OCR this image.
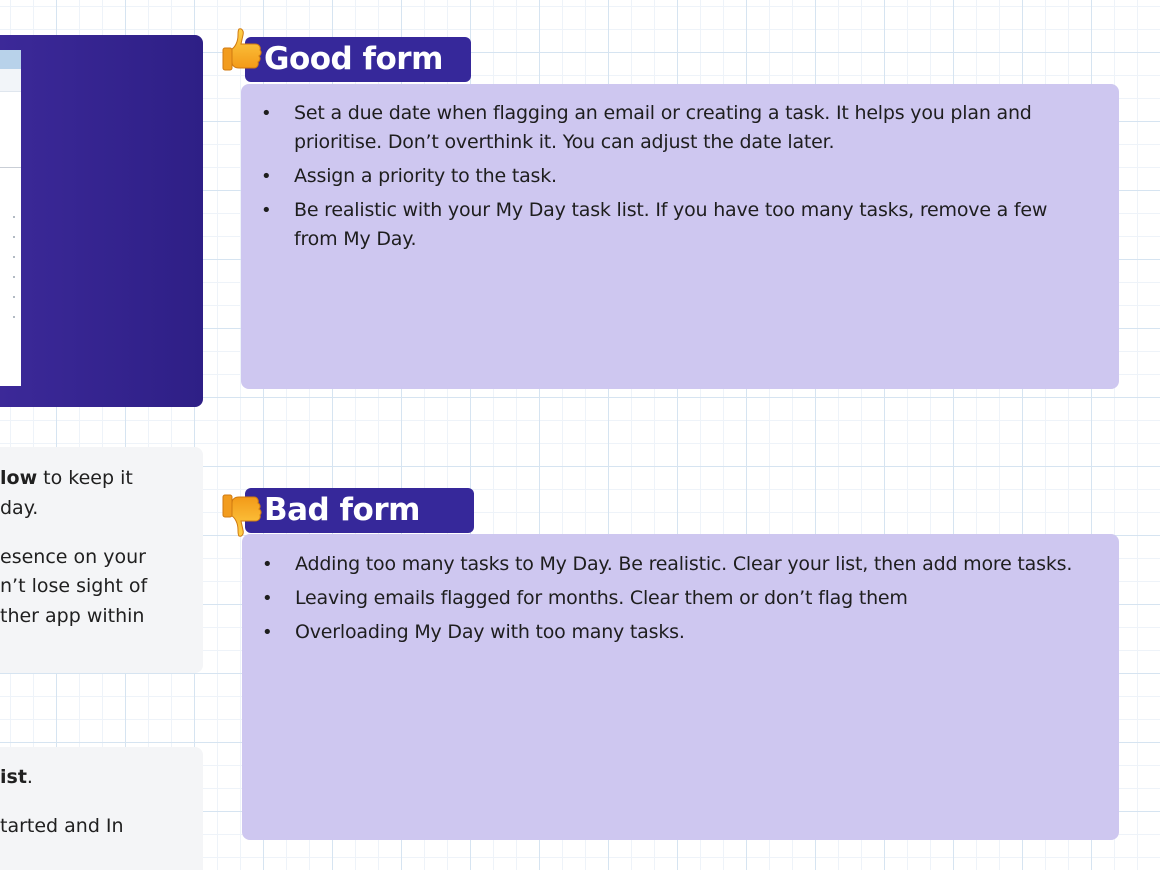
low to keep it

day.

esence on your

n’t lose sight of

ther app within

ist.

tarted and In

Good form
• Set a due date when flagging an email or creating a task. It helps you plan and prioritise. Don’t overthink it. You can adjust the date later.
• Assign a priority to the task.
• Be realistic with your My Day task list. If you have too many tasks, remove a few from My Day.
Bad form
• Adding too many tasks to My Day. Be realistic. Clear your list, then add more tasks.
• Leaving emails flagged for months. Clear them or don’t flag them
• Overloading My Day with too many tasks.
